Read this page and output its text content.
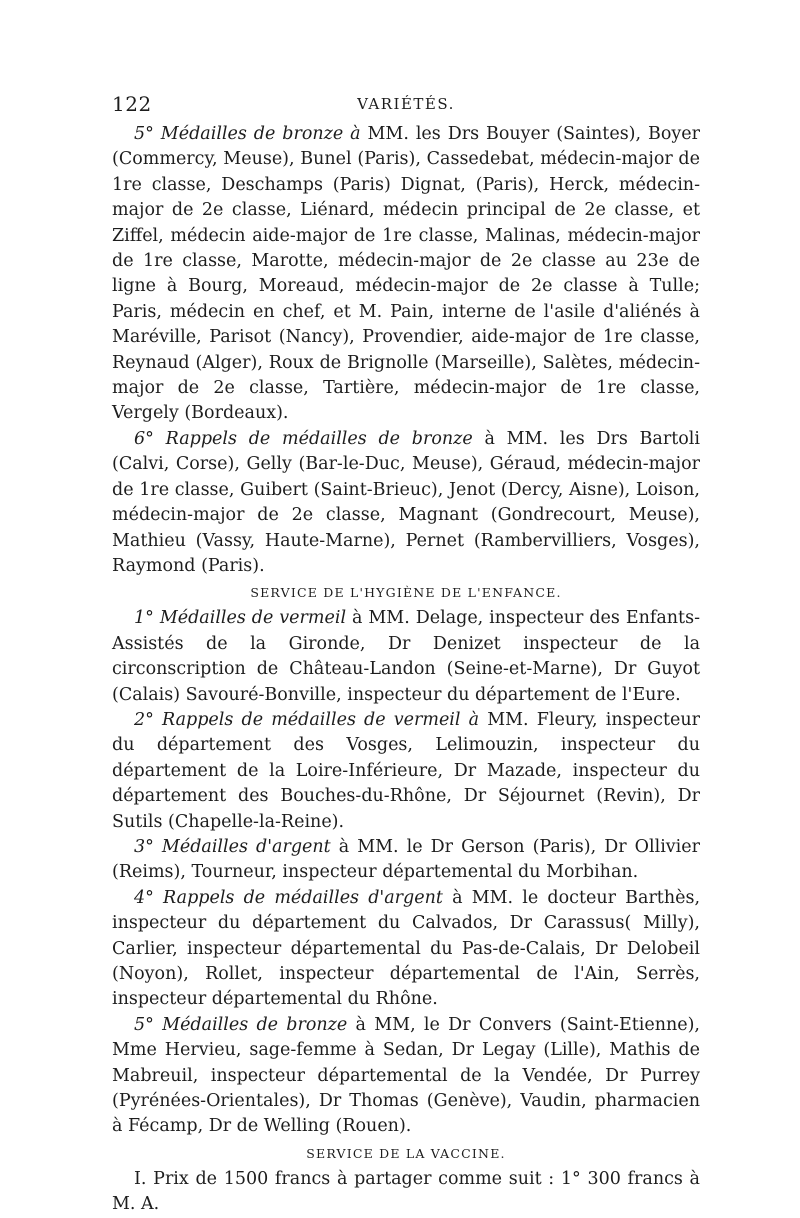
122	VARIÉTÉS.

5° Médailles de bronze à MM. les Drs Bouyer (Saintes), Boyer (Commercy, Meuse), Bunel (Paris), Cassedebat, médecin-major de 1re classe, Deschamps (Paris) Dignat, (Paris), Herck, médecin-major de 2e classe, Liénard, médecin principal de 2e classe, et Ziffel, médecin aide-major de 1re classe, Malinas, médecin-major de 1re classe, Marotte, médecin-major de 2e classe au 23e de ligne à Bourg, Moreaud, médecin-major de 2e classe à Tulle; Paris, médecin en chef, et M. Pain, interne de l'asile d'aliénés à Maréville, Parisot (Nancy), Provendier, aide-major de 1re classe, Reynaud (Alger), Roux de Brignolle (Marseille), Salètes, médecin-major de 2e classe, Tartière, médecin-major de 1re classe, Vergely (Bordeaux).

6° Rappels de médailles de bronze à MM. les Drs Bartoli (Calvi, Corse), Gelly (Bar-le-Duc, Meuse), Géraud, médecin-major de 1re classe, Guibert (Saint-Brieuc), Jenot (Dercy, Aisne), Loison, médecin-major de 2e classe, Magnant (Gondrecourt, Meuse), Mathieu (Vassy, Haute-Marne), Pernet (Rambervilliers, Vosges), Raymond (Paris).

SERVICE DE L'HYGIÈNE DE L'ENFANCE.

1° Médailles de vermeil à MM. Delage, inspecteur des Enfants-Assistés de la Gironde, Dr Denizet inspecteur de la circonscription de Château-Landon (Seine-et-Marne), Dr Guyot (Calais) Savouré-Bonville, inspecteur du département de l'Eure.

2° Rappels de médailles de vermeil à MM. Fleury, inspecteur du département des Vosges, Lelimouzin, inspecteur du département de la Loire-Inférieure, Dr Mazade, inspecteur du département des Bouches-du-Rhône, Dr Séjournet (Revin), Dr Sutils (Chapelle-la-Reine).

3° Médailles d'argent à MM. le Dr Gerson (Paris), Dr Ollivier (Reims), Tourneur, inspecteur départemental du Morbihan.

4° Rappels de médailles d'argent à MM. le docteur Barthès, inspecteur du département du Calvados, Dr Carassus( Milly), Carlier, inspecteur départemental du Pas-de-Calais, Dr Delobeil (Noyon), Rollet, inspecteur départemental de l'Ain, Serrès, inspecteur départemental du Rhône.

5° Médailles de bronze à MM, le Dr Convers (Saint-Etienne), Mme Hervieu, sage-femme à Sedan, Dr Legay (Lille), Mathis de Mabreuil, inspecteur départemental de la Vendée, Dr Purrey (Pyrénées-Orientales), Dr Thomas (Genève), Vaudin, pharmacien à Fécamp, Dr de Welling (Rouen).

SERVICE DE LA VACCINE.

I. Prix de 1500 francs à partager comme suit : 1° 300 francs à M. A.
